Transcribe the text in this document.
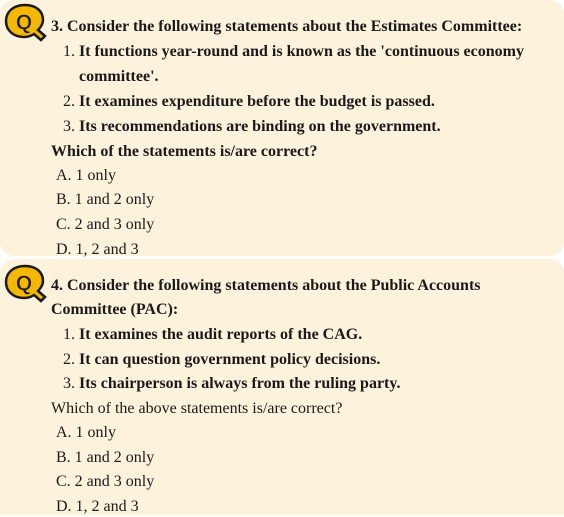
Q 3. Consider the following statements about the Estimates Committee:
1. It functions year-round and is known as the 'continuous economy
committee'.
2. It examines expenditure before the budget is passed.
3. Its recommendations are binding on the government.
Which of the statements is/are correct?
A. 1 only
B. 1 and 2 only
C. 2 and 3 only
D. 1, 2 and 3
Q 4. Consider the following statements about the Public Accounts
Committee (PAC):
1. It examines the audit reports of the CAG.
2. It can question government policy decisions.
3. Its chairperson is always from the ruling party.
Which of the above statements is/are correct?
A. 1 only
B. 1 and 2 only
C. 2 and 3 only
D. 1, 2 and 3
